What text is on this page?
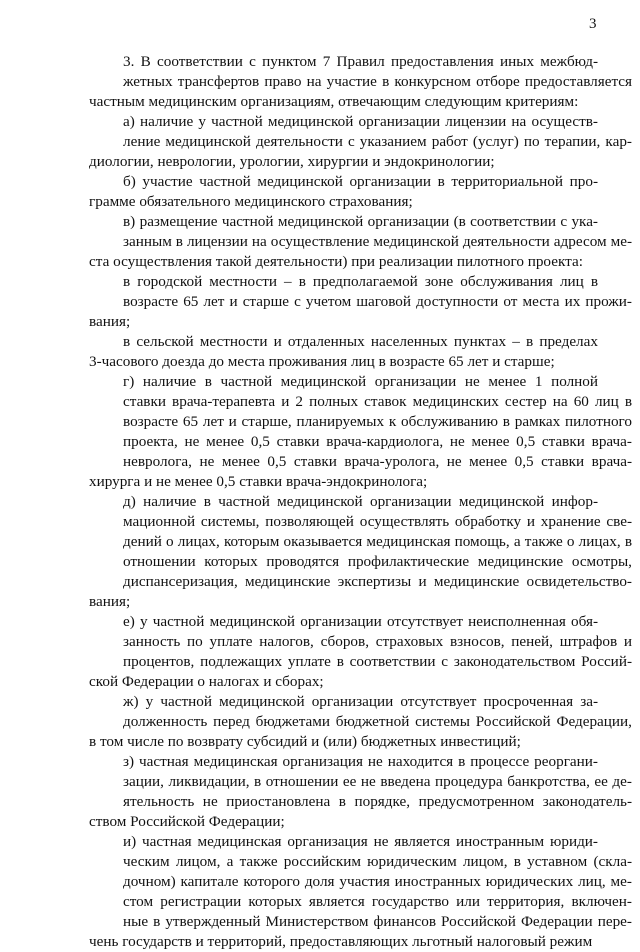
3

3. В соответствии с пунктом 7 Правил предоставления иных межбюд-
жетных трансфертов право на участие в конкурсном отборе предоставляется
частным медицинским организациям, отвечающим следующим критериям:

а) наличие у частной медицинской организации лицензии на осуществ-
ление медицинской деятельности с указанием работ (услуг) по терапии, кар-
диологии, неврологии, урологии, хирургии и эндокринологии;

б) участие частной медицинской организации в территориальной про-
грамме обязательного медицинского страхования;

в) размещение частной медицинской организации (в соответствии с ука-
занным в лицензии на осуществление медицинской деятельности адресом ме-
ста осуществления такой деятельности) при реализации пилотного проекта:

в городской местности – в предполагаемой зоне обслуживания лиц в
возрасте 65 лет и старше с учетом шаговой доступности от места их прожи-
вания;

в сельской местности и отдаленных населенных пунктах – в пределах
3-часового доезда до места проживания лиц в возрасте 65 лет и старше;

г) наличие в частной медицинской организации не менее 1 полной
ставки врача-терапевта и 2 полных ставок медицинских сестер на 60 лиц в
возрасте 65 лет и старше, планируемых к обслуживанию в рамках пилотного
проекта, не менее 0,5 ставки врача-кардиолога, не менее 0,5 ставки врача-
невролога, не менее 0,5 ставки врача-уролога, не менее 0,5 ставки врача-
хирурга и не менее 0,5 ставки врача-эндокринолога;

д) наличие в частной медицинской организации медицинской инфор-
мационной системы, позволяющей осуществлять обработку и хранение све-
дений о лицах, которым оказывается медицинская помощь, а также о лицах, в
отношении которых проводятся профилактические медицинские осмотры,
диспансеризация, медицинские экспертизы и медицинские освидетельство-
вания;

е) у частной медицинской организации отсутствует неисполненная обя-
занность по уплате налогов, сборов, страховых взносов, пеней, штрафов и
процентов, подлежащих уплате в соответствии с законодательством Россий-
ской Федерации о налогах и сборах;

ж) у частной медицинской организации отсутствует просроченная за-
долженность перед бюджетами бюджетной системы Российской Федерации,
в том числе по возврату субсидий и (или) бюджетных инвестиций;

з) частная медицинская организация не находится в процессе реоргани-
зации, ликвидации, в отношении ее не введена процедура банкротства, ее де-
ятельность не приостановлена в порядке, предусмотренном законодатель-
ством Российской Федерации;

и) частная медицинская организация не является иностранным юриди-
ческим лицом, а также российским юридическим лицом, в уставном (скла-
дочном) капитале которого доля участия иностранных юридических лиц, ме-
стом регистрации которых является государство или территория, включен-
ные в утвержденный Министерством финансов Российской Федерации пере-
чень государств и территорий, предоставляющих льготный налоговый режим
